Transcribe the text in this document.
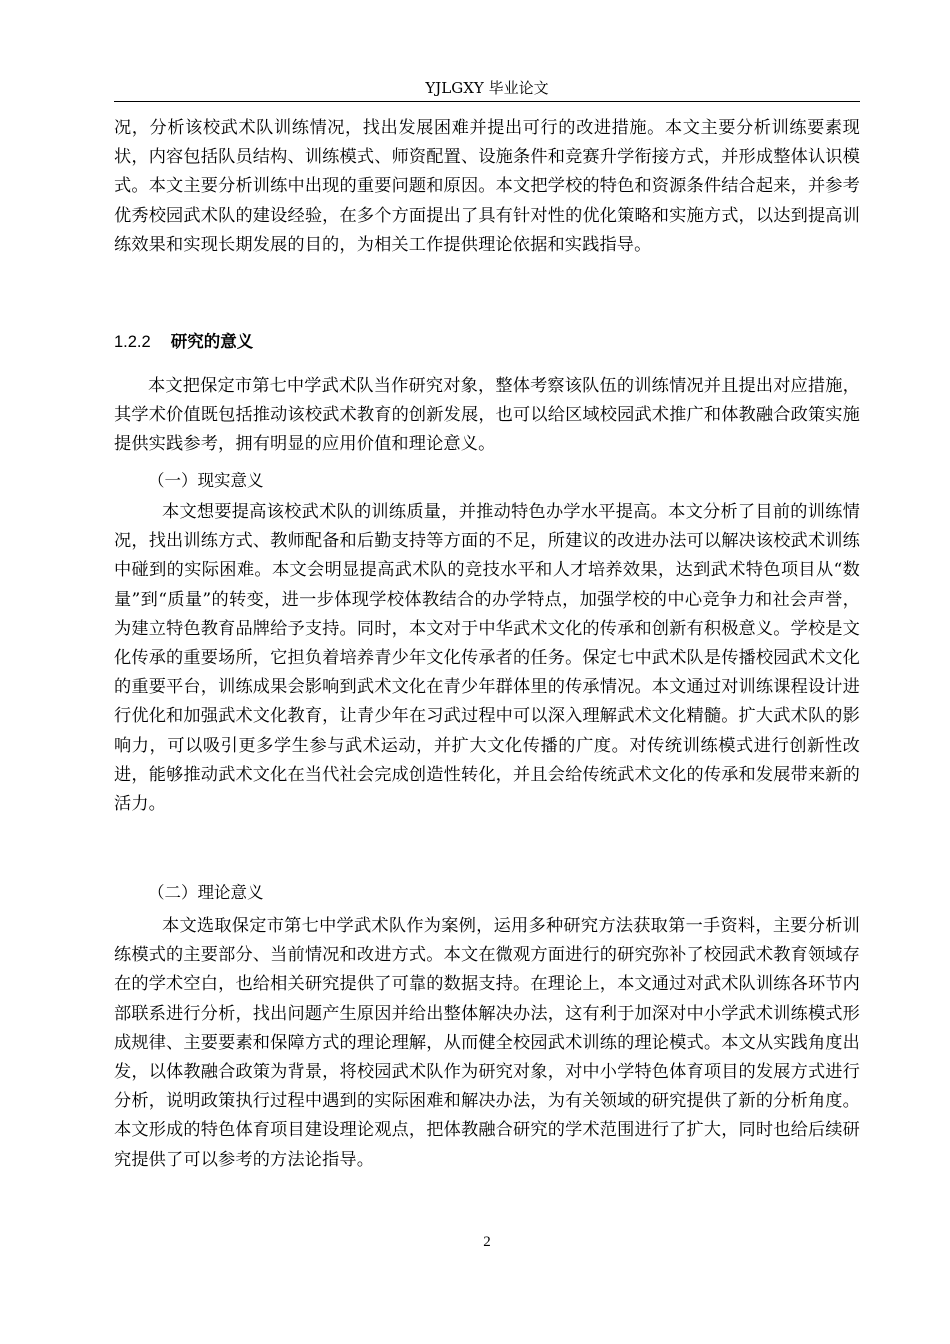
YJLGXY 毕业论文

况，分析该校武术队训练情况，找出发展困难并提出可行的改进措施。本文主要分析训练要素现状，内容包括队员结构、训练模式、师资配置、设施条件和竞赛升学衔接方式，并形成整体认识模式。本文主要分析训练中出现的重要问题和原因。本文把学校的特色和资源条件结合起来，并参考优秀校园武术队的建设经验，在多个方面提出了具有针对性的优化策略和实施方式，以达到提高训练效果和实现长期发展的目的，为相关工作提供理论依据和实践指导。

1.2.2 研究的意义

本文把保定市第七中学武术队当作研究对象，整体考察该队伍的训练情况并且提出对应措施，其学术价值既包括推动该校武术教育的创新发展，也可以给区域校园武术推广和体教融合政策实施提供实践参考，拥有明显的应用价值和理论意义。

（一）现实意义

本文想要提高该校武术队的训练质量，并推动特色办学水平提高。本文分析了目前的训练情况，找出训练方式、教师配备和后勤支持等方面的不足，所建议的改进办法可以解决该校武术训练中碰到的实际困难。本文会明显提高武术队的竞技水平和人才培养效果，达到武术特色项目从“数量”到“质量”的转变，进一步体现学校体教结合的办学特点，加强学校的中心竞争力和社会声誉，为建立特色教育品牌给予支持。同时，本文对于中华武术文化的传承和创新有积极意义。学校是文化传承的重要场所，它担负着培养青少年文化传承者的任务。保定七中武术队是传播校园武术文化的重要平台，训练成果会影响到武术文化在青少年群体里的传承情况。本文通过对训练课程设计进行优化和加强武术文化教育，让青少年在习武过程中可以深入理解武术文化精髓。扩大武术队的影响力，可以吸引更多学生参与武术运动，并扩大文化传播的广度。对传统训练模式进行创新性改进，能够推动武术文化在当代社会完成创造性转化，并且会给传统武术文化的传承和发展带来新的活力。

（二）理论意义

本文选取保定市第七中学武术队作为案例，运用多种研究方法获取第一手资料，主要分析训练模式的主要部分、当前情况和改进方式。本文在微观方面进行的研究弥补了校园武术教育领域存在的学术空白，也给相关研究提供了可靠的数据支持。在理论上，本文通过对武术队训练各环节内部联系进行分析，找出问题产生原因并给出整体解决办法，这有利于加深对中小学武术训练模式形成规律、主要要素和保障方式的理论理解，从而健全校园武术训练的理论模式。本文从实践角度出发，以体教融合政策为背景，将校园武术队作为研究对象，对中小学特色体育项目的发展方式进行分析，说明政策执行过程中遇到的实际困难和解决办法，为有关领域的研究提供了新的分析角度。本文形成的特色体育项目建设理论观点，把体教融合研究的学术范围进行了扩大，同时也给后续研究提供了可以参考的方法论指导。

2
